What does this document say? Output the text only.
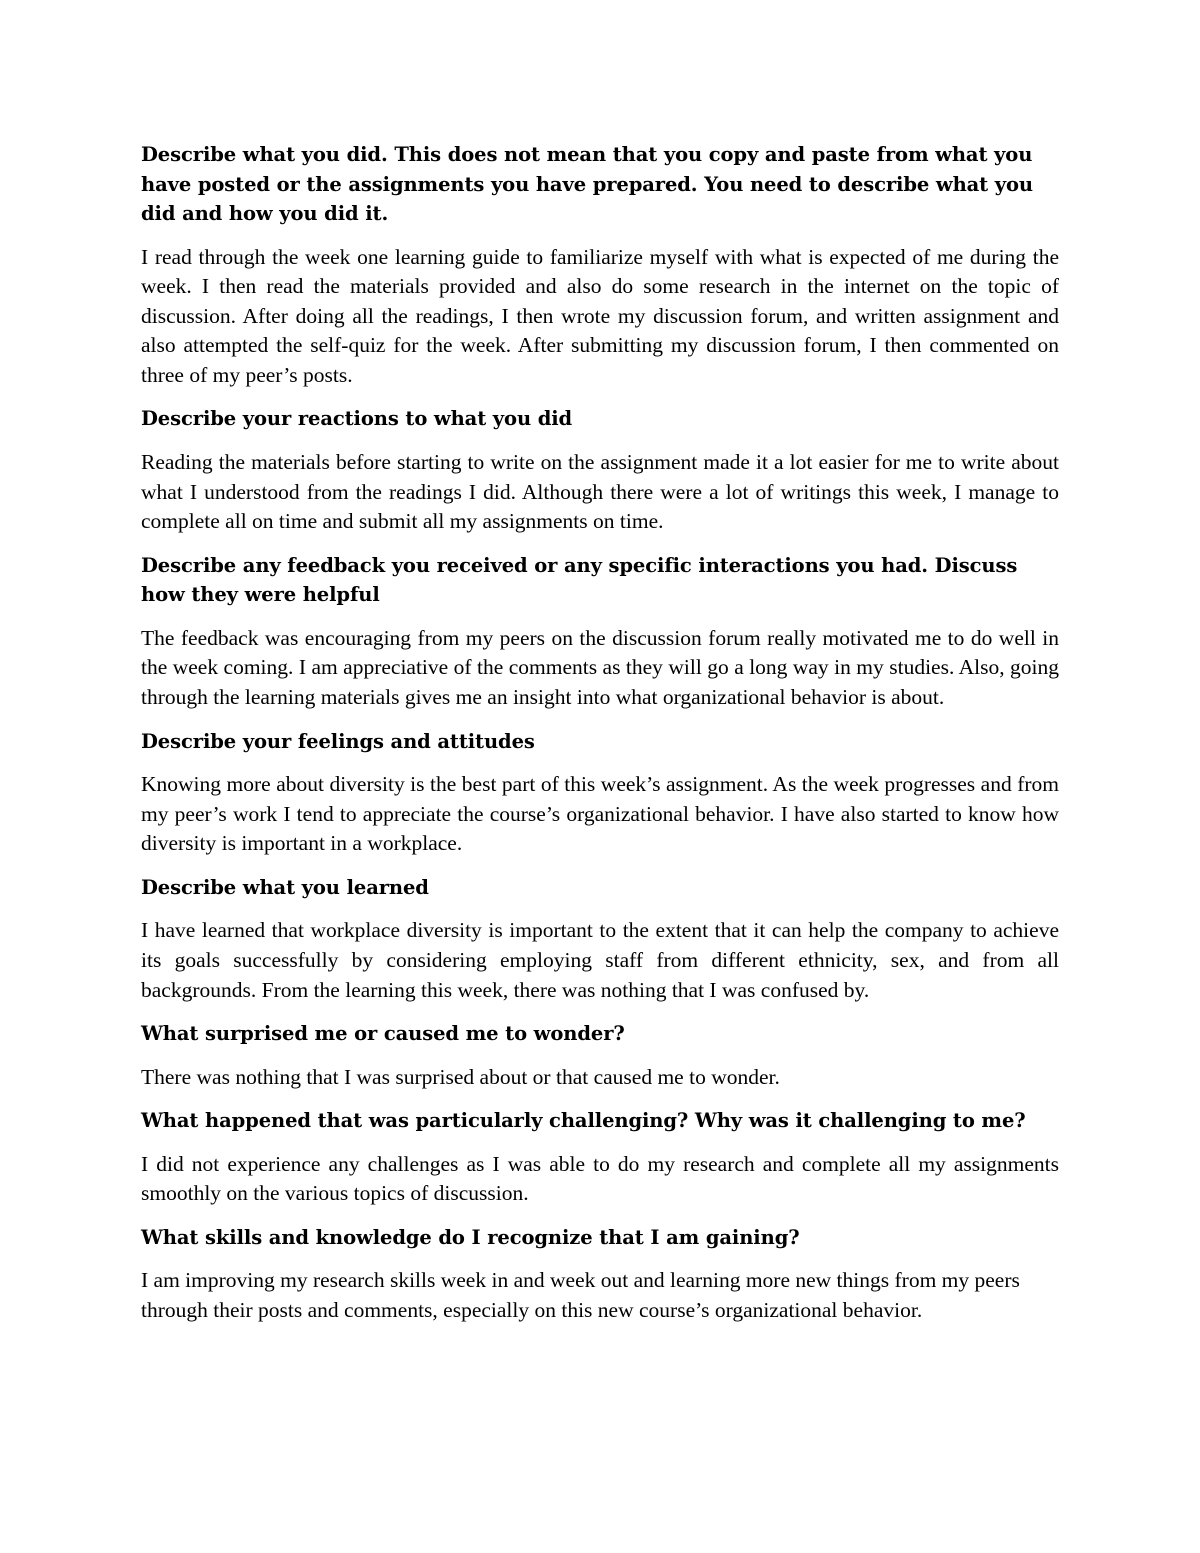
Describe what you did. This does not mean that you copy and paste from what you have posted or the assignments you have prepared. You need to describe what you did and how you did it.

I read through the week one learning guide to familiarize myself with what is expected of me during the week. I then read the materials provided and also do some research in the internet on the topic of discussion. After doing all the readings, I then wrote my discussion forum, and written assignment and also attempted the self-quiz for the week. After submitting my discussion forum, I then commented on three of my peer’s posts.

Describe your reactions to what you did

Reading the materials before starting to write on the assignment made it a lot easier for me to write about what I understood from the readings I did. Although there were a lot of writings this week, I manage to complete all on time and submit all my assignments on time.

Describe any feedback you received or any specific interactions you had. Discuss how they were helpful

The feedback was encouraging from my peers on the discussion forum really motivated me to do well in the week coming. I am appreciative of the comments as they will go a long way in my studies. Also, going through the learning materials gives me an insight into what organizational behavior is about.

Describe your feelings and attitudes

Knowing more about diversity is the best part of this week’s assignment. As the week progresses and from my peer’s work I tend to appreciate the course’s organizational behavior. I have also started to know how diversity is important in a workplace.

Describe what you learned

I have learned that workplace diversity is important to the extent that it can help the company to achieve its goals successfully by considering employing staff from different ethnicity, sex, and from all backgrounds. From the learning this week, there was nothing that I was confused by.

What surprised me or caused me to wonder?

There was nothing that I was surprised about or that caused me to wonder.

What happened that was particularly challenging? Why was it challenging to me?

I did not experience any challenges as I was able to do my research and complete all my assignments smoothly on the various topics of discussion.

What skills and knowledge do I recognize that I am gaining?

I am improving my research skills week in and week out and learning more new things from my peers through their posts and comments, especially on this new course’s organizational behavior.
